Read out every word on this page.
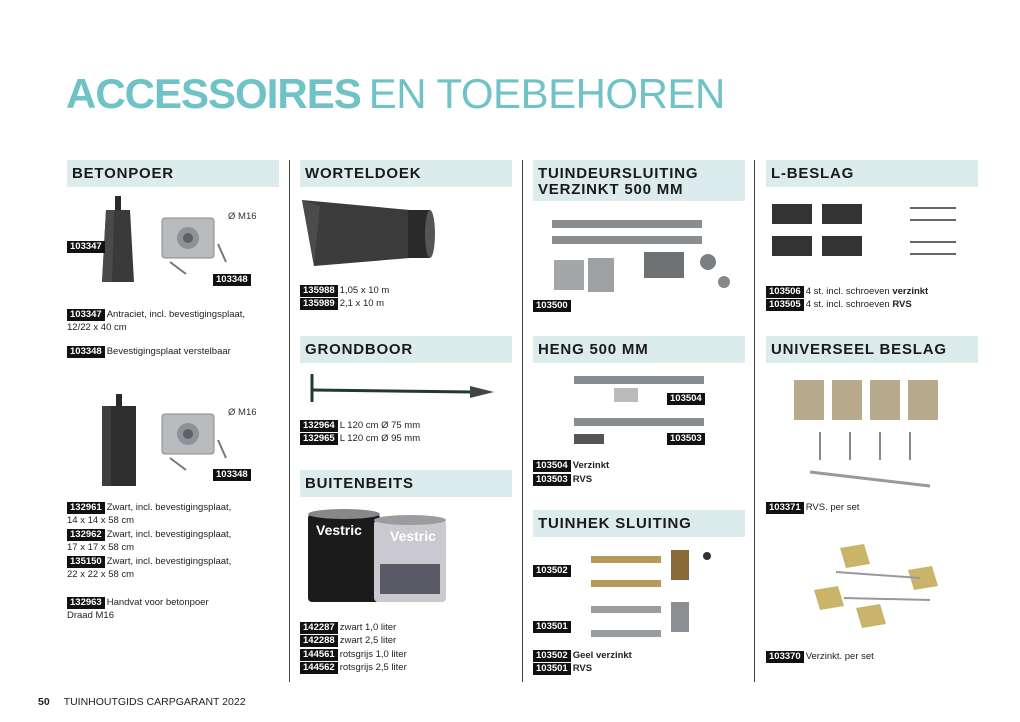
ACCESSOIRES EN TOEBEHOREN
BETONPOER
103347
Ø M16
103348
103347 Antraciet, incl. bevestigingsplaat,
12/22 x 40 cm
103348 Bevestigingsplaat verstelbaar
Ø M16
103348
132961 Zwart, incl. bevestigingsplaat,
14 x 14 x 58 cm
132962 Zwart, incl. bevestigingsplaat,
17 x 17 x 58 cm
135150 Zwart, incl. bevestigingsplaat,
22 x 22 x 58 cm
132963 Handvat voor betonpoer
Draad M16
WORTELDOEK
135988 1,05 x 10 m
135989 2,1 x 10 m
GRONDBOOR
132964 L 120 cm Ø 75 mm
132965 L 120 cm Ø 95 mm
BUITENBEITS
Vestric Vestric
142287 zwart 1,0 liter
142288 zwart 2,5 liter
144561 rotsgrijs 1,0 liter
144562 rotsgrijs 2,5 liter
TUINDEURSLUITING
VERZINKT 500 MM
103500
HENG 500 MM
103504
103503
103504 Verzinkt
103503 RVS
TUINHEK SLUITING
103502
103501
103502 Geel verzinkt
103501 RVS
L-BESLAG
103506 4 st. incl. schroeven verzinkt
103505 4 st. incl. schroeven RVS
UNIVERSEEL BESLAG
103371 RVS. per set
103370 Verzinkt. per set
50 TUINHOUTGIDS CARPGARANT 2022
